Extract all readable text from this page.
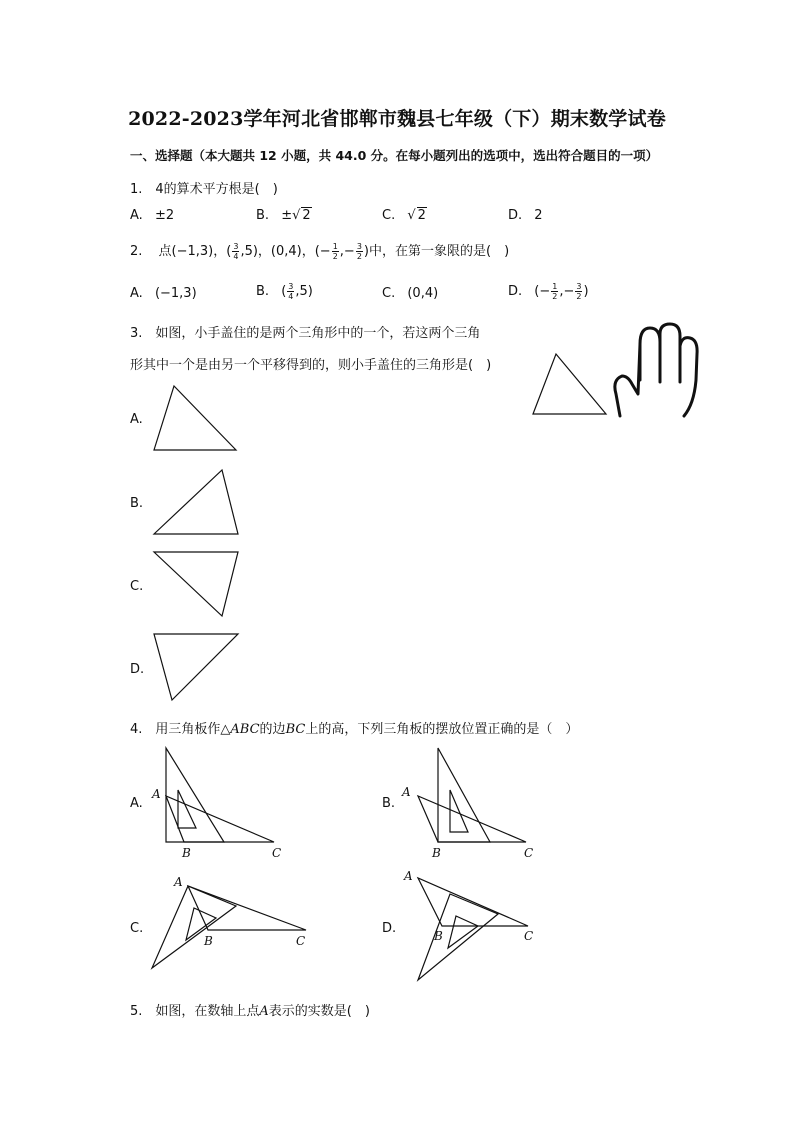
2022-2023学年河北省邯郸市魏县七年级（下）期末数学试卷
一、选择题（本大题共 12 小题，共 44.0 分。在每小题列出的选项中，选出符合题目的一项）
1.　4的算术平方根是(　)
A. ±2	B. ±√ 2	C. √ 2	D. 2
2. 点(−1,3)，( $\frac{3}{4} ,5$)，(0,4)，(− $\frac{1}{2}$ ,− $\frac{3}{2}$ )中，在第一象限的是(　)
A. (−1,3)	B. ( $\frac{3}{4} ,5$)	C. (0,4)	D. (− $\frac{1}{2}$ ,− $\frac{3}{2}$ )
3.　如图，小手盖住的是两个三角形中的一个，若这两个三角
形其中一个是由另一个平移得到的，则小手盖住的三角形是(　)
A.
B.
C.
D.
4.　用三角板作△ABC的边BC上的高，下列三角板的摆放位置正确的是（　）
A.
A
B	C
B.
A
B	C
C.
A
B	C
D.
A
B	C
5.　如图，在数轴上点A表示的实数是(　)
